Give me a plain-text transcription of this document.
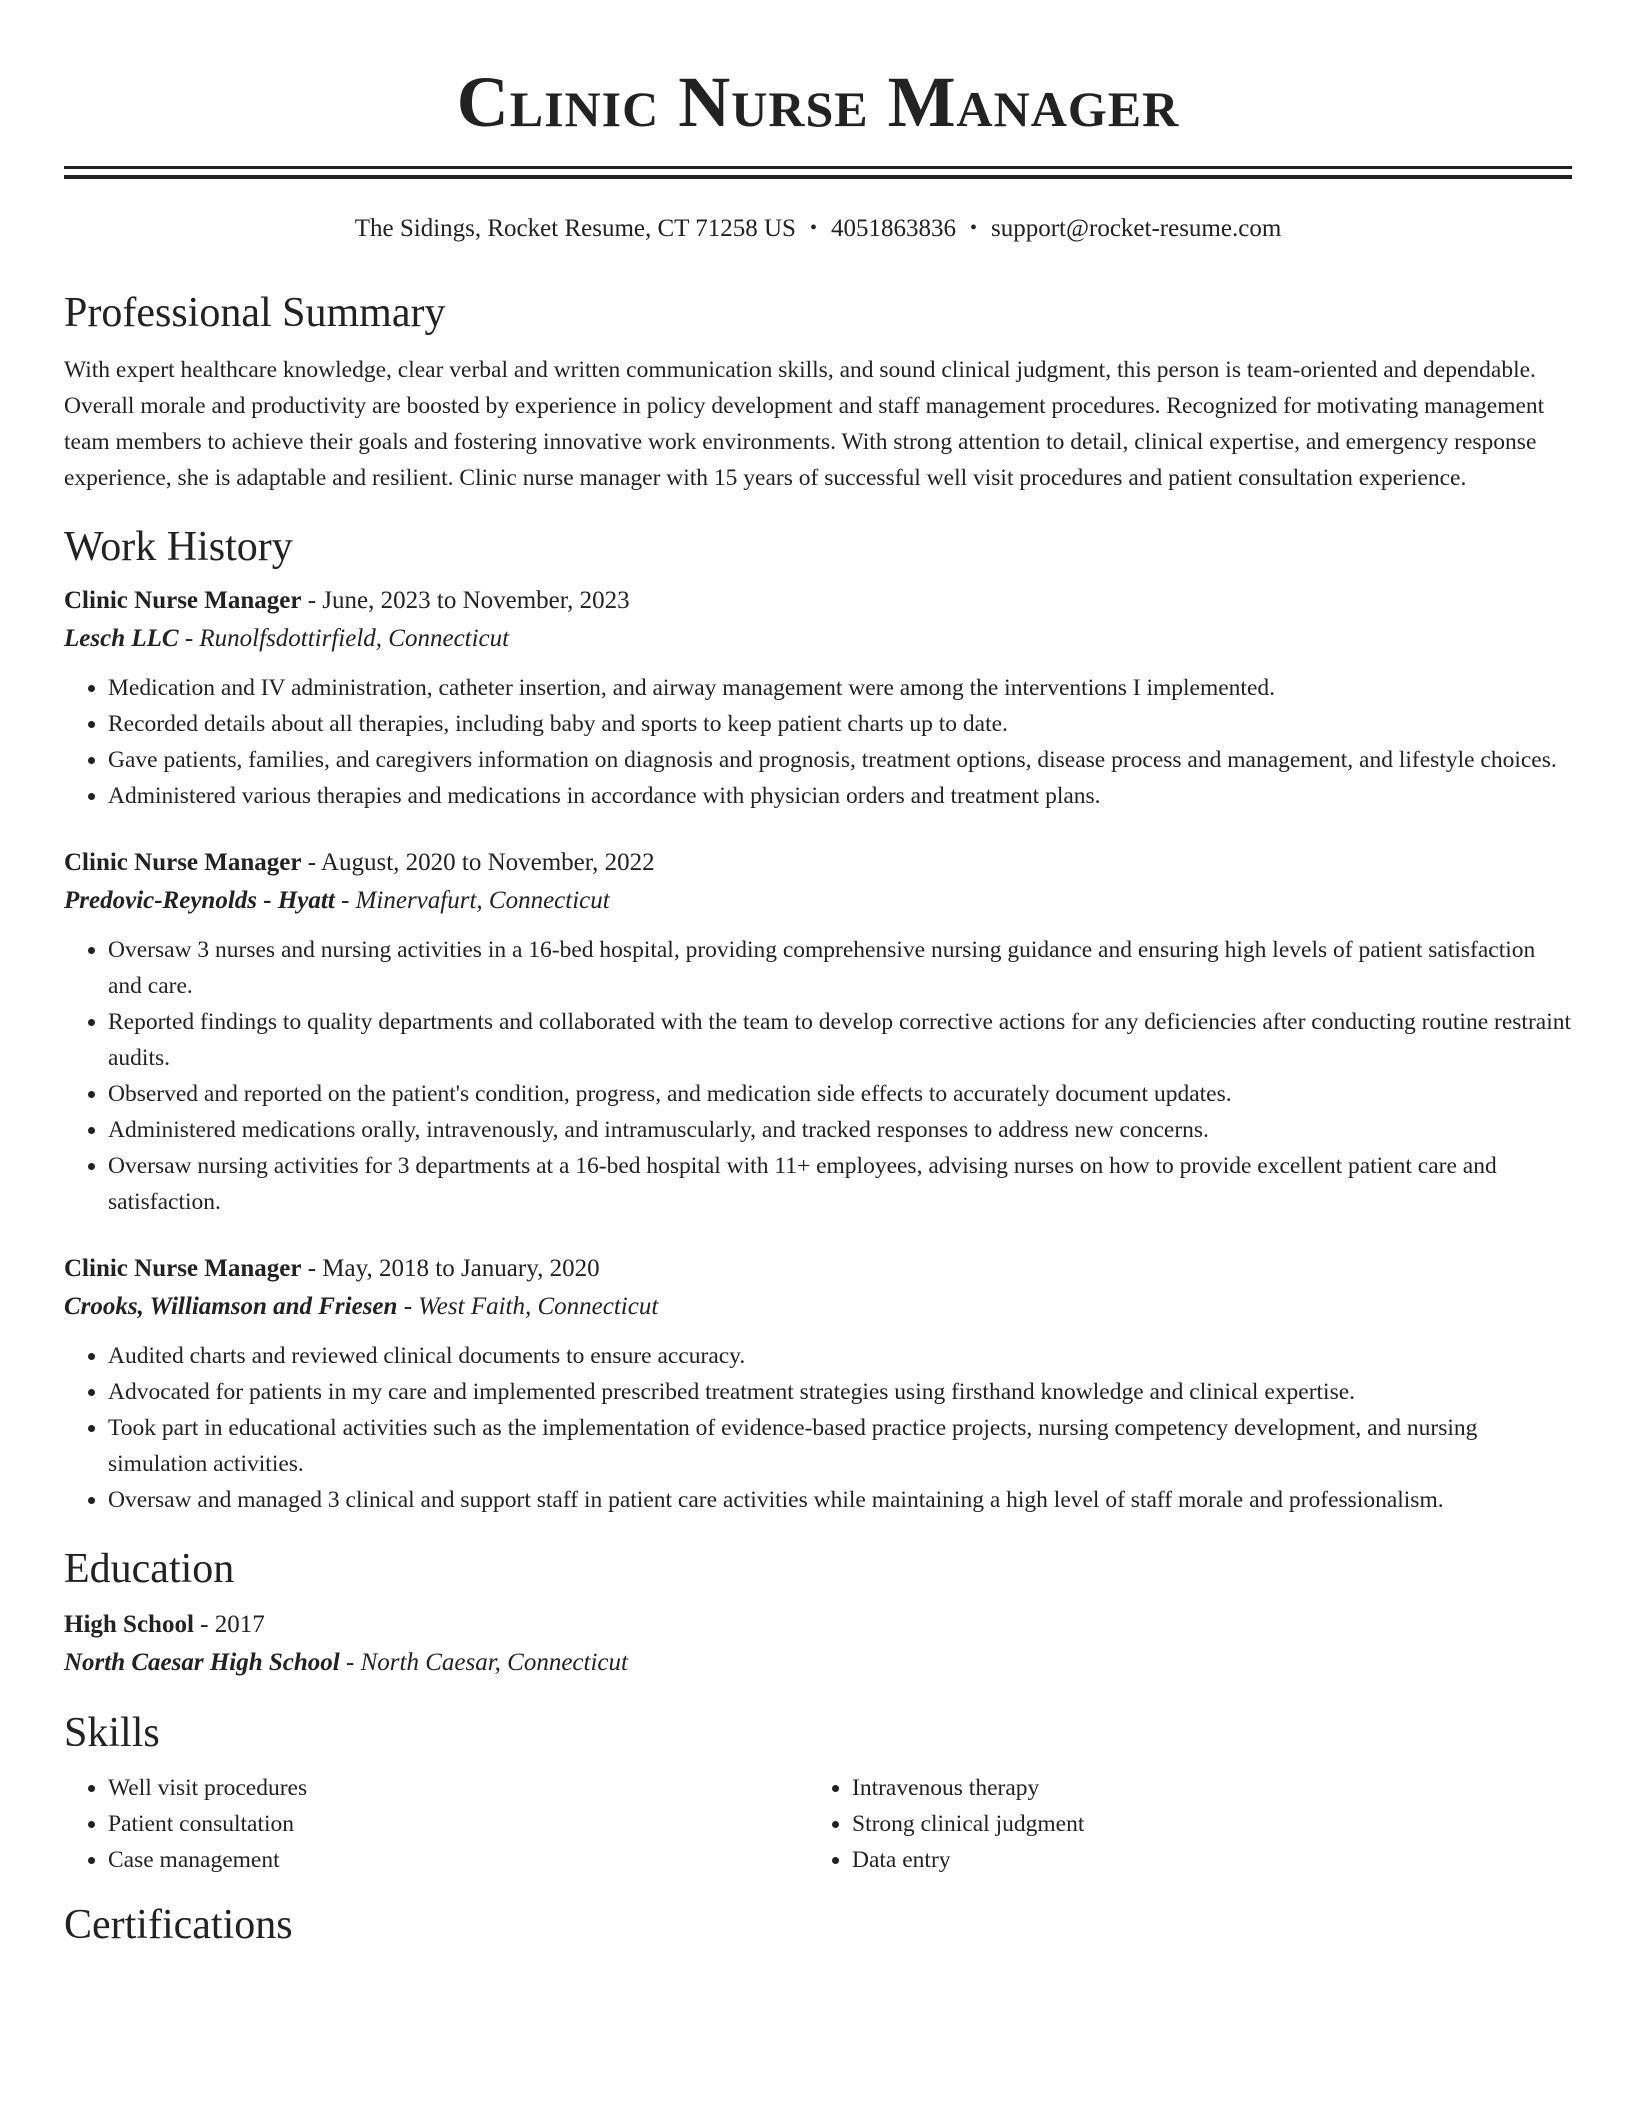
Clinic Nurse Manager
The Sidings, Rocket Resume, CT 71258 US • 4051863836 • support@rocket-resume.com
Professional Summary
With expert healthcare knowledge, clear verbal and written communication skills, and sound clinical judgment, this person is team-oriented and dependable. Overall morale and productivity are boosted by experience in policy development and staff management procedures. Recognized for motivating management team members to achieve their goals and fostering innovative work environments. With strong attention to detail, clinical expertise, and emergency response experience, she is adaptable and resilient. Clinic nurse manager with 15 years of successful well visit procedures and patient consultation experience.
Work History
Clinic Nurse Manager - June, 2023 to November, 2023
Lesch LLC - Runolfsdottirfield, Connecticut
• Medication and IV administration, catheter insertion, and airway management were among the interventions I implemented.
• Recorded details about all therapies, including baby and sports to keep patient charts up to date.
• Gave patients, families, and caregivers information on diagnosis and prognosis, treatment options, disease process and management, and lifestyle choices.
• Administered various therapies and medications in accordance with physician orders and treatment plans.
Clinic Nurse Manager - August, 2020 to November, 2022
Predovic-Reynolds - Hyatt - Minervafurt, Connecticut
• Oversaw 3 nurses and nursing activities in a 16-bed hospital, providing comprehensive nursing guidance and ensuring high levels of patient satisfaction and care.
• Reported findings to quality departments and collaborated with the team to develop corrective actions for any deficiencies after conducting routine restraint audits.
• Observed and reported on the patient's condition, progress, and medication side effects to accurately document updates.
• Administered medications orally, intravenously, and intramuscularly, and tracked responses to address new concerns.
• Oversaw nursing activities for 3 departments at a 16-bed hospital with 11+ employees, advising nurses on how to provide excellent patient care and satisfaction.
Clinic Nurse Manager - May, 2018 to January, 2020
Crooks, Williamson and Friesen - West Faith, Connecticut
• Audited charts and reviewed clinical documents to ensure accuracy.
• Advocated for patients in my care and implemented prescribed treatment strategies using firsthand knowledge and clinical expertise.
• Took part in educational activities such as the implementation of evidence-based practice projects, nursing competency development, and nursing simulation activities.
• Oversaw and managed 3 clinical and support staff in patient care activities while maintaining a high level of staff morale and professionalism.
Education
High School - 2017
North Caesar High School - North Caesar, Connecticut
Skills
• Well visit procedures
• Patient consultation
• Case management
• Intravenous therapy
• Strong clinical judgment
• Data entry
Certifications
